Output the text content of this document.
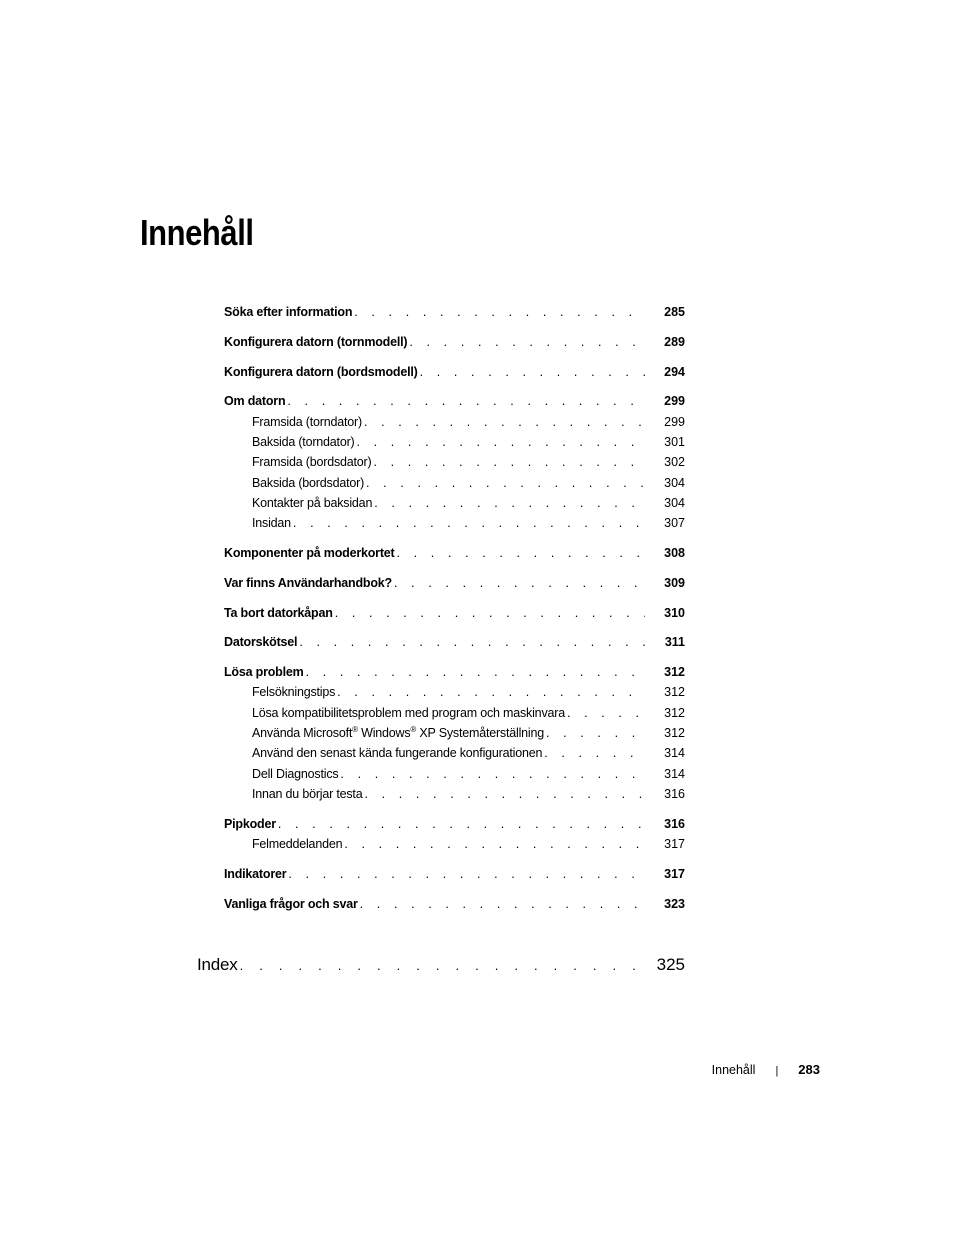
Innehåll
Söka efter information . . .	285
Konfigurera datorn (tornmodell) . . .	289
Konfigurera datorn (bordsmodell) . . .	294
Om datorn . . .	299
Framsida (torndator) . . .	299
Baksida (torndator) . . .	301
Framsida (bordsdator) . . .	302
Baksida (bordsdator) . . .	304
Kontakter på baksidan . . .	304
Insidan . . .	307
Komponenter på moderkortet . . .	308
Var finns Användarhandbok? . . .	309
Ta bort datorkåpan . . .	310
Datorskötsel . . .	311
Lösa problem . . .	312
Felsökningstips . . .	312
Lösa kompatibilitetsproblem med program och maskinvara . . .	312
Använda Microsoft® Windows® XP Systemåterställning . . .	312
Använd den senast kända fungerande konfigurationen . . .	314
Dell Diagnostics . . .	314
Innan du börjar testa . . .	316
Pipkoder . . .	316
Felmeddelanden . . .	317
Indikatorer . . .	317
Vanliga frågor och svar . . .	323
Index . . .	325
Innehåll | 283
